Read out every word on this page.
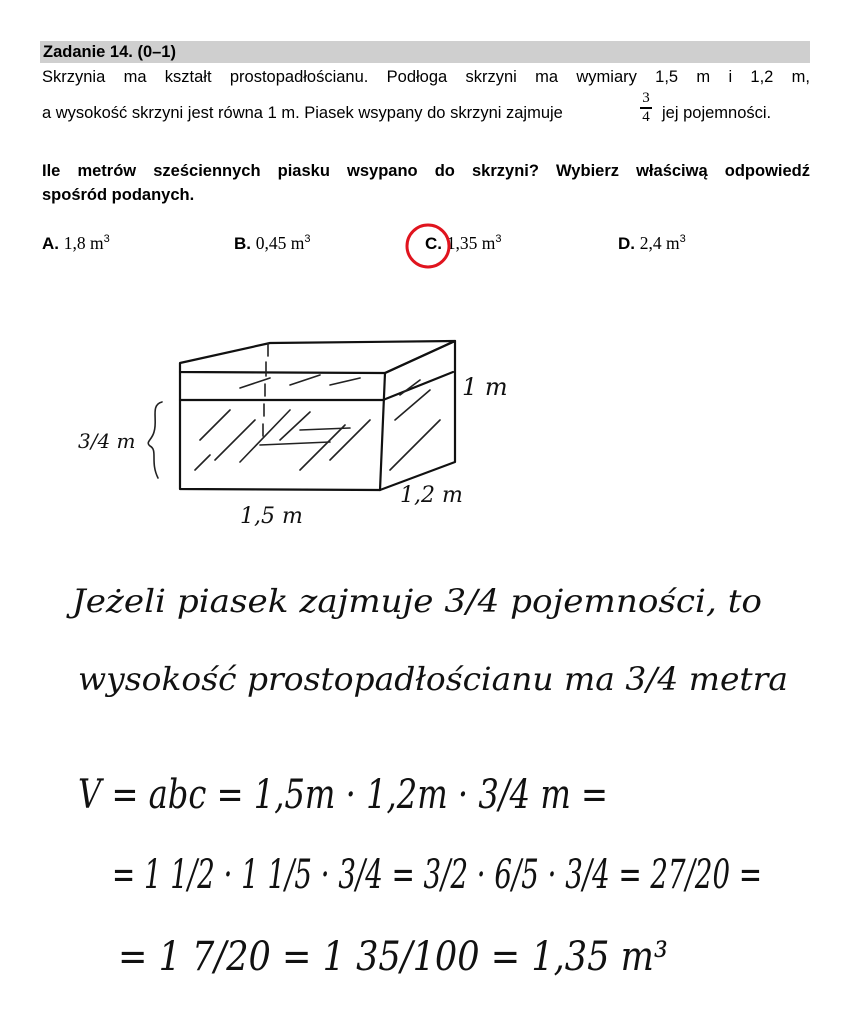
Zadanie 14. (0–1)
Skrzynia ma kształt prostopadłościanu. Podłoga skrzyni ma wymiary 1,5 m i 1,2 m,
a wysokość skrzyni jest równa 1 m. Piasek wsypany do skrzyni zajmuje
3
4 jej pojemności.
Ile metrów sześciennych piasku wsypano do skrzyni? Wybierz właściwą odpowiedź
spośród podanych.
A. 1,8 $m^3$	B. 0,45 $m^3$	C. 1,35 $m^3$	D. 2,4 $m^3$
1 m
3/4 m
1,2 m
1,5 m
Jeżeli piasek zajmuje 3/4 pojemności, to
wysokość prostopadłościanu ma 3/4 metra
V = abc = 1,5m · 1,2m · 3/4 m =
= 1 1/2 · 1 1/5 · 3/4 = 3/2 · 6/5 · 3/4 = 27/20 =
= 1 7/20 = 1 35/100 = 1,35 m³
